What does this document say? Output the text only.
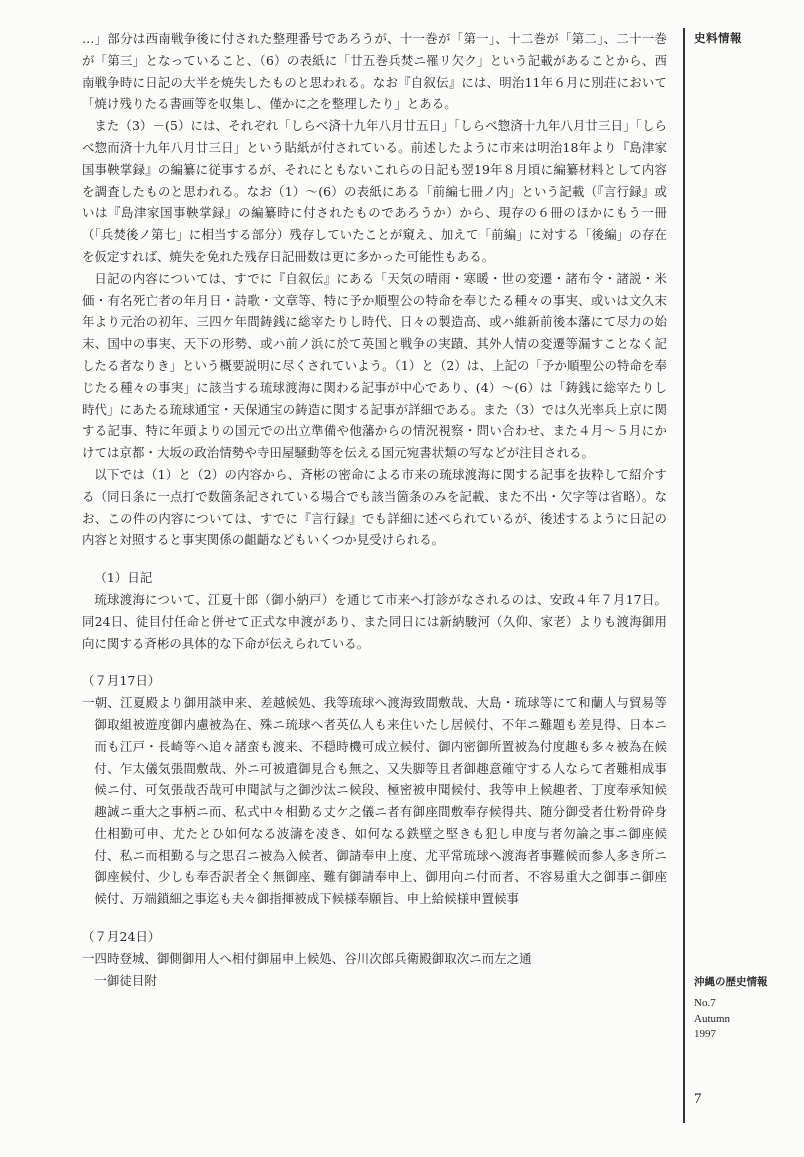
史料情報

…」部分は西南戦争後に付された整理番号であろうが、十一巻が「第一」、十二巻が「第二」、二十一巻が「第三」となっていること、（6）の表紙に「廿五巻兵焚ニ罹リ欠ク」という記載があることから、西南戦争時に日記の大半を焼失したものと思われる。なお『自叙伝』には、明治11年６月に別荘において「焼け残りたる書画等を収集し、僅かに之を整理したり」とある。

また（3）－(5）には、それぞれ「しらべ済十九年八月廿五日」「しらべ惣済十九年八月廿三日」「しらべ惣而済十九年八月廿三日」という貼紙が付されている。前述したように市来は明治18年より『島津家国事鞅掌録』の編纂に従事するが、それにともないこれらの日記も翌19年８月頃に編纂材料として内容を調査したものと思われる。なお（1）～(6）の表紙にある「前編七冊ノ内」という記載（『言行録』或いは『島津家国事鞅掌録』の編纂時に付されたものであろうか）から、現存の６冊のほかにもう一冊（「兵焚後ノ第七」に相当する部分）残存していたことが窺え、加えて「前編」に対する「後編」の存在を仮定すれば、焼失を免れた残存日記冊数は更に多かった可能性もある。

日記の内容については、すでに『自叙伝』にある「天気の晴雨・寒暖・世の変遷・諸布令・諸説・米価・有名死亡者の年月日・詩歌・文章等、特に予か順聖公の特命を奉じたる種々の事実、或いは文久末年より元治の初年、三四ケ年間鋳銭に総宰たりし時代、日々の製造高、或ハ維新前後本藩にて尽力の始末、国中の事実、天下の形勢、或ハ前ノ浜に於て英国と戦争の実蹟、其外人情の変遷等漏すことなく記したる者なりき」という概要説明に尽くされていよう。（1）と（2）は、上記の「予か順聖公の特命を奉じたる種々の事実」に該当する琉球渡海に関わる記事が中心であり、(4）～(6）は「鋳銭に総宰たりし時代」にあたる琉球通宝・天保通宝の鋳造に関する記事が詳細である。また（3）では久光率兵上京に関する記事、特に年頭よりの国元での出立準備や他藩からの情況視察・問い合わせ、また４月～５月にかけては京都・大坂の政治情勢や寺田屋騒動等を伝える国元宛書状類の写などが注目される。

以下では（1）と（2）の内容から、斉彬の密命による市来の琉球渡海に関する記事を抜粋して紹介する（同日条に一点打で数箇条記されている場合でも該当箇条のみを記載、また不出・欠字等は省略）。なお、この件の内容については、すでに『言行録』でも詳細に述べられているが、後述するように日記の内容と対照すると事実関係の齟齬などもいくつか見受けられる。

（1）日記

琉球渡海について、江夏十郎（御小納戸）を通じて市来へ打診がなされるのは、安政４年７月17日。同24日、徒目付任命と併せて正式な申渡があり、また同日には新納駿河（久仰、家老）よりも渡海御用向に関する斉彬の具体的な下命が伝えられている。

（７月17日）

一朝、江夏殿より御用談申来、差越候処、我等琉球へ渡海致間敷哉、大島・琉球等にて和蘭人与貿易等御取組被遊度御内慮被為在、殊ニ琉球へ者英仏人も来住いたし居候付、不年ニ難題も差見得、日本ニ而も江戸・長崎等へ追々諸蛮も渡来、不穏時機可成立候付、御内密御所置被為付度趣も多々被為在候付、乍太儀気張間敷哉、外ニ可被遣御見合も無之、又失脚等且者御趣意確守する人ならて者難相成事候ニ付、可気張哉否哉可申聞試与之御沙汰ニ候段、極密被申聞候付、我等申上候趣者、丁度奉承知候趣誠ニ重大之事柄ニ而、私式中々相勤る丈ケ之儀ニ者有御座間敷奉存候得共、随分御受者仕粉骨砕身仕相勤可申、尤たとひ如何なる波濤を凌き、如何なる鉄壁之堅きも犯し申度与者勿論之事ニ御座候付、私ニ而相勤る与之思召ニ被為入候者、御請奉申上度、尤平常琉球へ渡海者事難候而参人多き所ニ御座候付、少しも奉否訳者全く無御座、難有御請奉申上、御用向ニ付而者、不容易重大之御事ニ御座候付、万端鎖細之事迄も夫々御指揮被成下候様奉願旨、申上給候様申置候事

（７月24日）

一四時登城、御側御用人へ相付御届申上候処、谷川次郎兵衛殿御取次ニ而左之通

一御徒目附	沖縄の歴史情報
No.7
Autumn
1997
7
